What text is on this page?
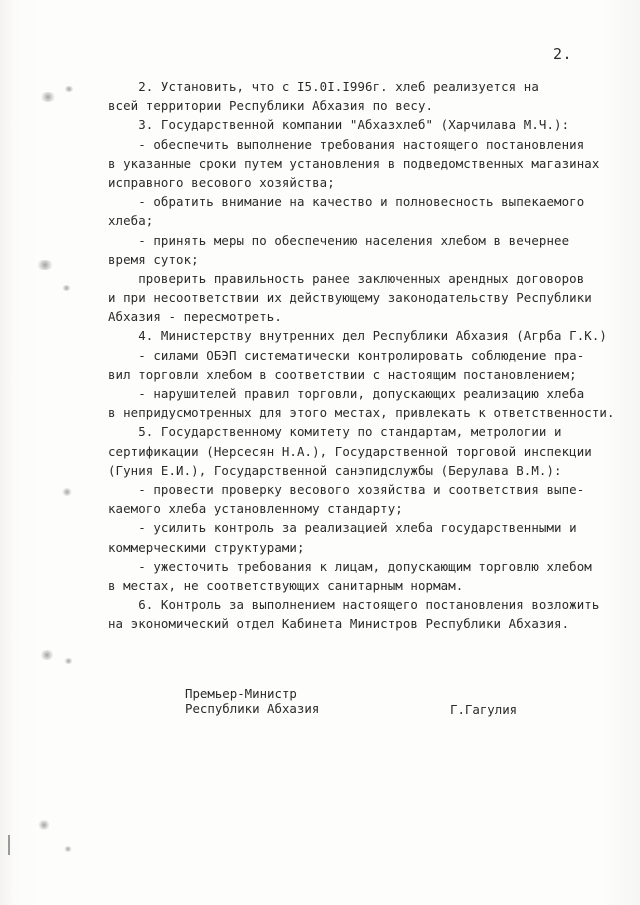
2.
2. Установить, что с I5.0I.I996г. хлеб реализуется на
всей территории Республики Абхазия по весу.
3. Государственной компании "Абхазхлеб" (Харчилава М.Ч.):
- обеспечить выполнение требования настоящего постановления
в указанные сроки путем установления в подведомственных магазинах
исправного весового хозяйства;
- обратить внимание на качество и полновесность выпекаемого
хлеба;
- принять меры по обеспечению населения хлебом в вечернее
время суток;
проверить правильность ранее заключенных арендных договоров
и при несоответствии их действующему законодательству Республики
Абхазия - пересмотреть.
4. Министерству внутренних дел Республики Абхазия (Агрба Г.К.)
- силами ОБЭП систематически контролировать соблюдение пра-
вил торговли хлебом в соответствии с настоящим постановлением;
- нарушителей правил торговли, допускающих реализацию хлеба
в непридусмотренных для этого местах, привлекать к ответственности.
5. Государственному комитету по стандартам, метрологии и
сертификации (Нерсесян Н.А.), Государственной торговой инспекции
(Гуния Е.И.), Государственной санэпидслужбы (Берулава В.М.):
- провести проверку весового хозяйства и соответствия выпе-
каемого хлеба установленному стандарту;
- усилить контроль за реализацией хлеба государственными и
коммерческими структурами;
- ужесточить требования к лицам, допускающим торговлю хлебом
в местах, не соответствующих санитарным нормам.
6. Контроль за выполнением настоящего постановления возложить
на экономический отдел Кабинета Министров Республики Абхазия.
Премьер-Министр
Республики Абхазия	Г.Гагулия
